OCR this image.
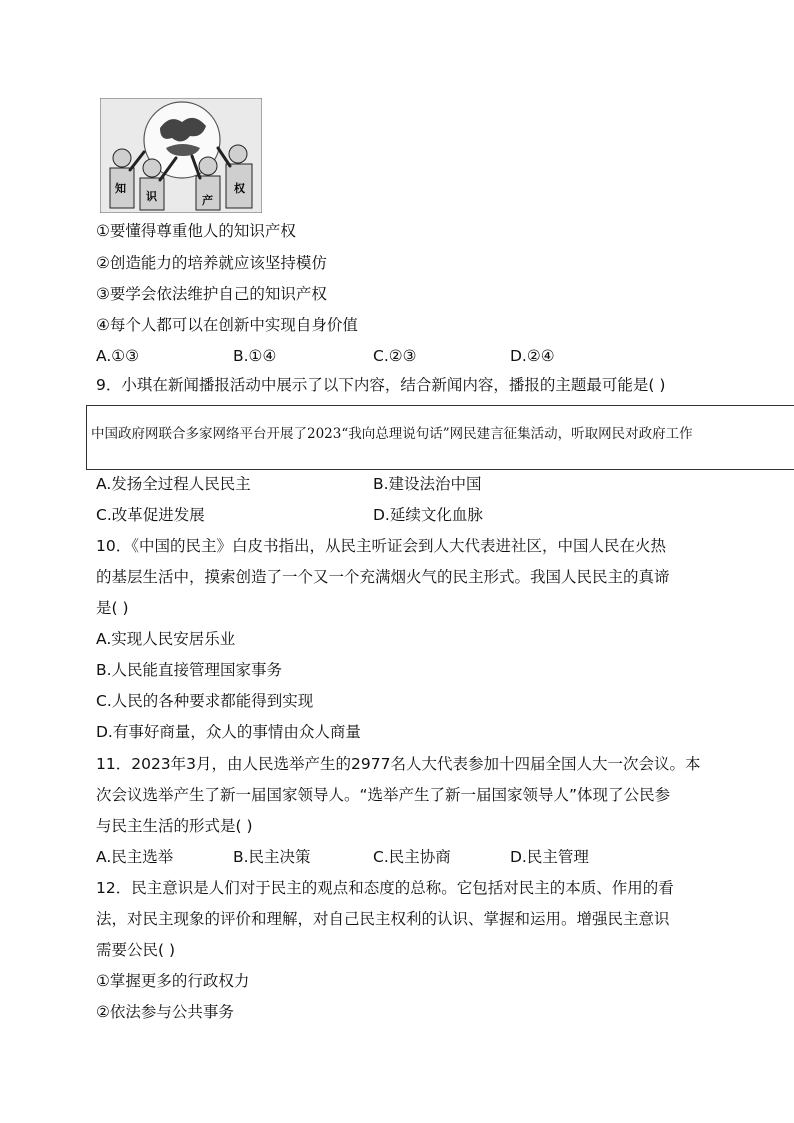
知
识	产
权
①要懂得尊重他人的知识产权
②创造能力的培养就应该坚持模仿
③要学会依法维护自己的知识产权
④每个人都可以在创新中实现自身价值
A.①③	B.①④	C.②③	D.②④
9．小琪在新闻播报活动中展示了以下内容，结合新闻内容，播报的主题最可能是( )
中国政府网联合多家网络平台开展了2023“我向总理说句话”网民建言征集活动，听取网民对政府工作
A.发扬全过程人民民主	B.建设法治中国
C.改革促进发展	D.延续文化血脉
10．《中国的民主》白皮书指出，从民主听证会到人大代表进社区，中国人民在火热
的基层生活中，摸索创造了一个又一个充满烟火气的民主形式。我国人民民主的真谛
是( )
A.实现人民安居乐业
B.人民能直接管理国家事务
C.人民的各种要求都能得到实现
D.有事好商量，众人的事情由众人商量
11．2023年3月，由人民选举产生的2977名人大代表参加十四届全国人大一次会议。本
次会议选举产生了新一届国家领导人。“选举产生了新一届国家领导人”体现了公民参
与民主生活的形式是( )
A.民主选举	B.民主决策	C.民主协商	D.民主管理
12．民主意识是人们对于民主的观点和态度的总称。它包括对民主的本质、作用的看
法，对民主现象的评价和理解，对自己民主权利的认识、掌握和运用。增强民主意识
需要公民( )
①掌握更多的行政权力
②依法参与公共事务
